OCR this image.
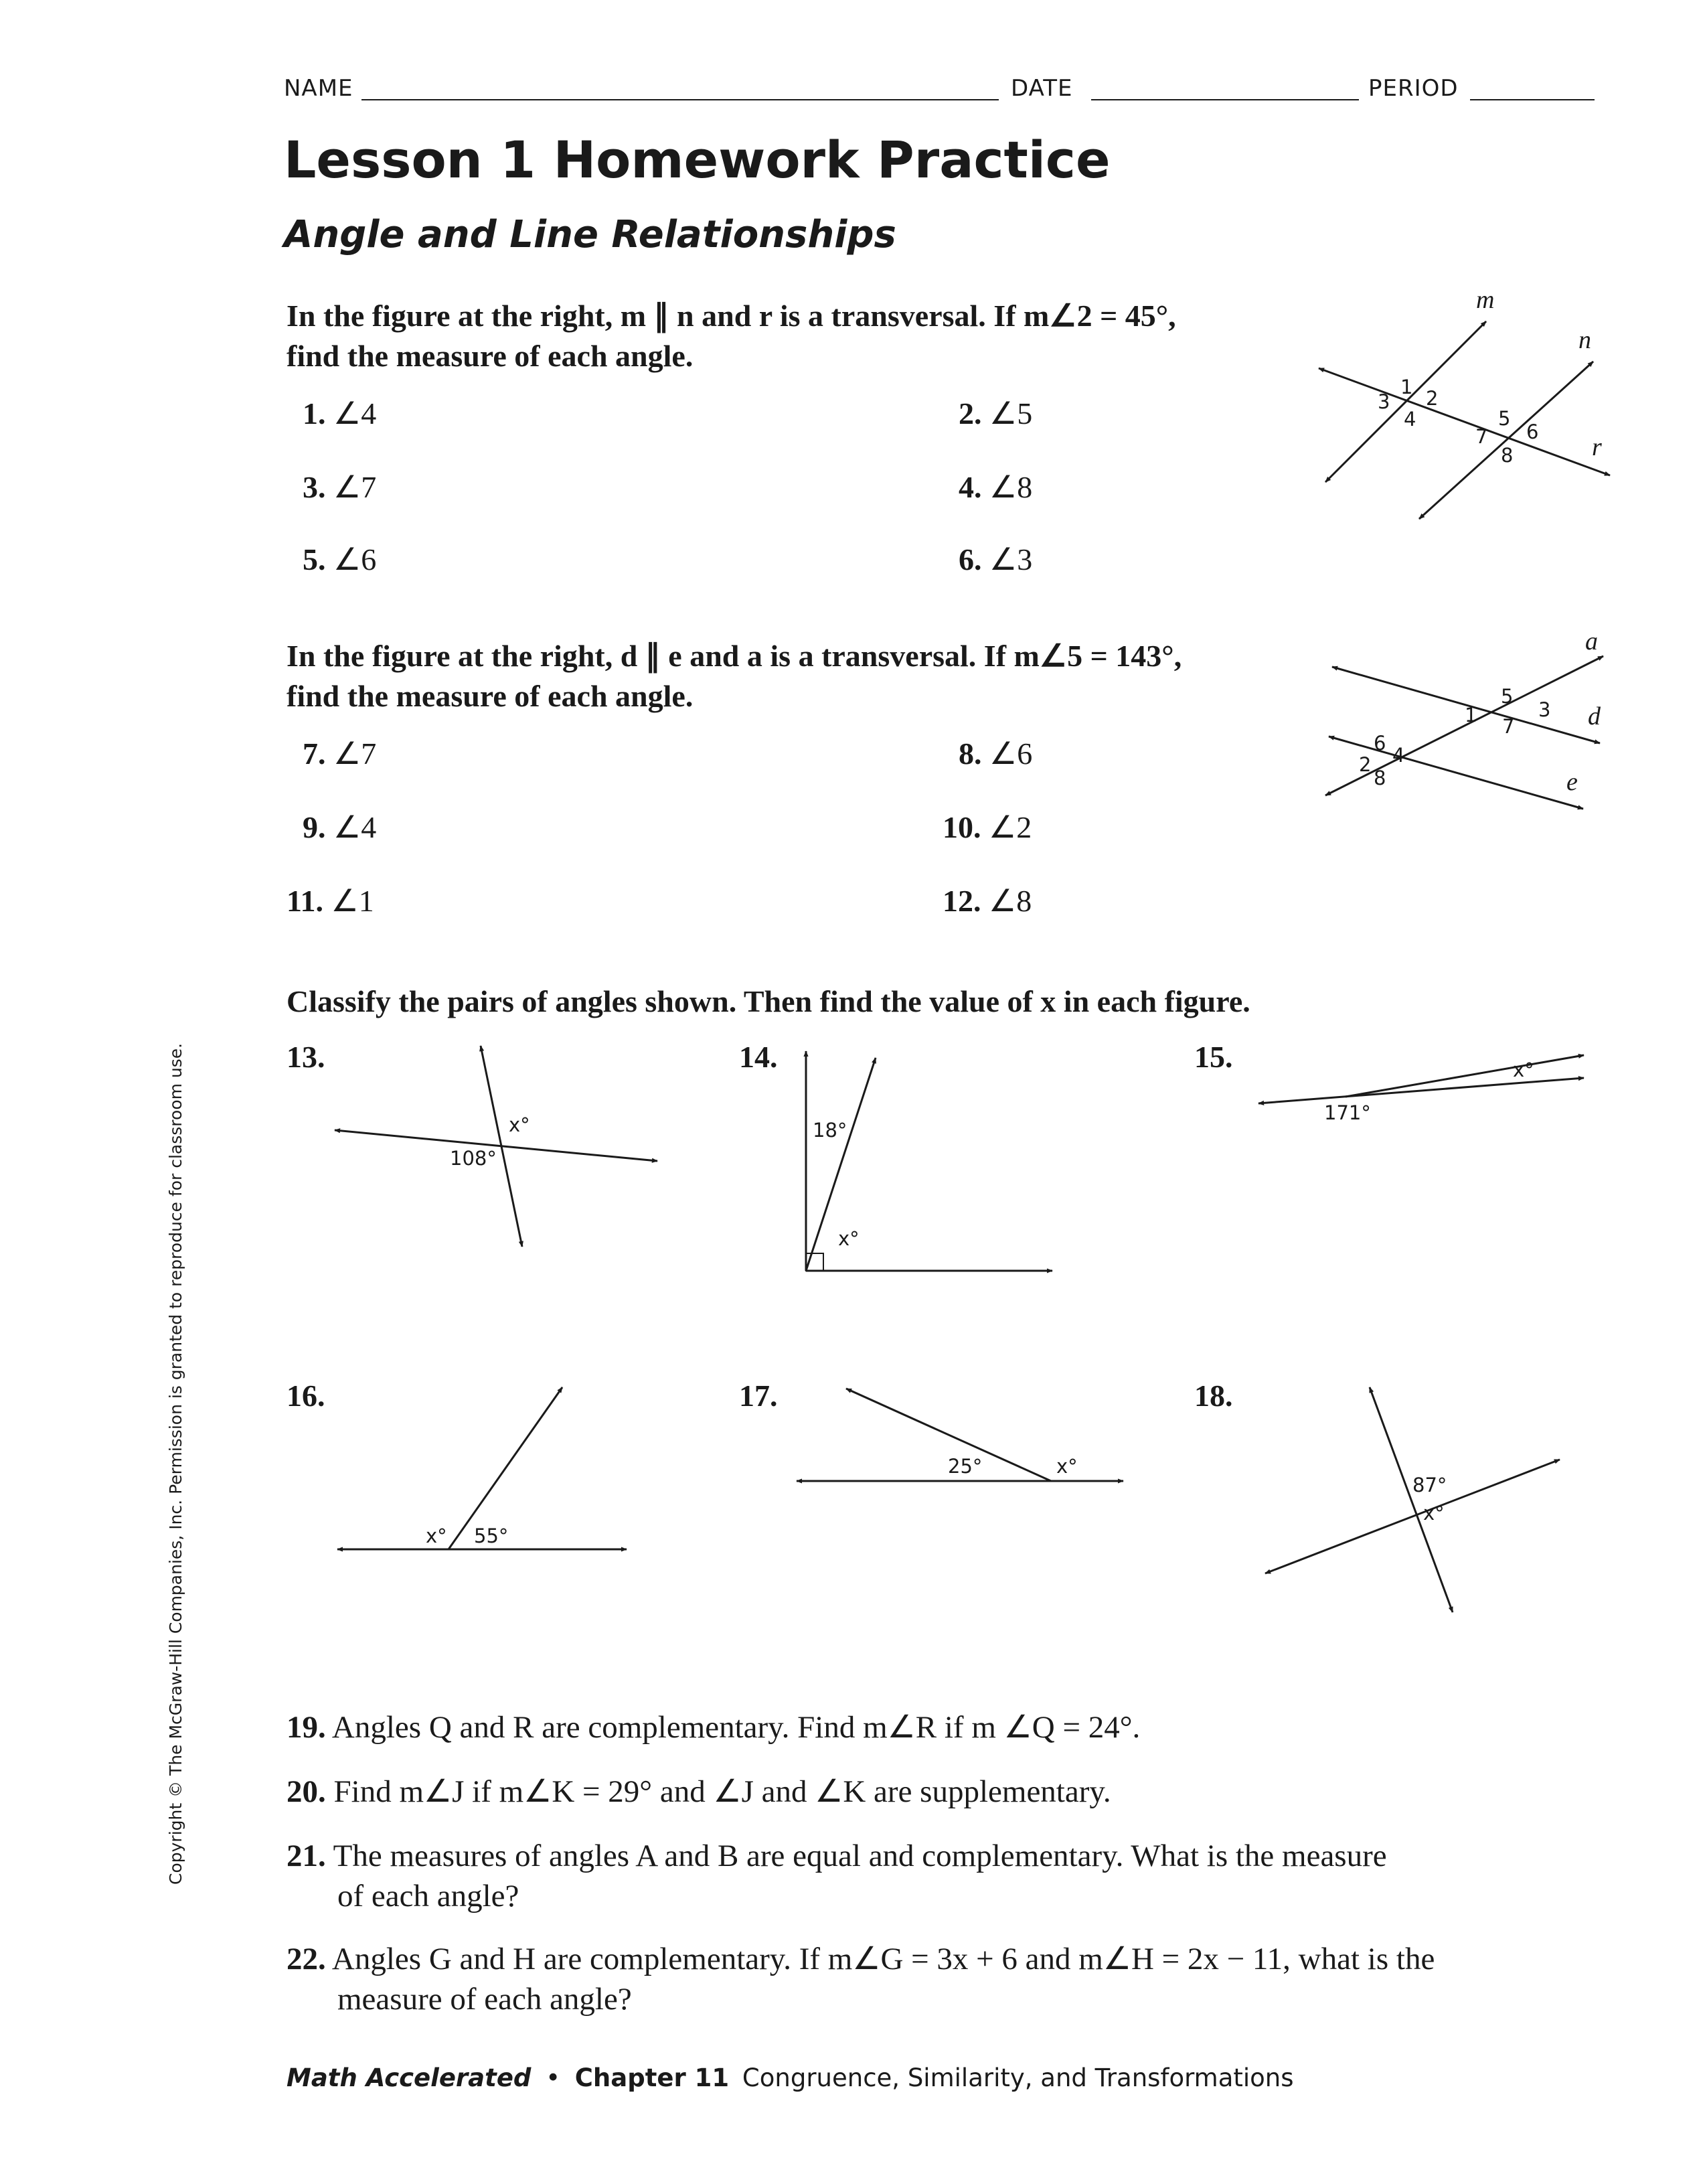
NAME	DATE	PERIOD
Lesson 1 Homework Practice
Angle and Line Relationships
In the figure at the right, m ∥ n and r is a transversal. If m∠2 = 45°,
find the measure of each angle.
1. ∠4	2. ∠5
3. ∠7	4. ∠8
5. ∠6	6. ∠3
m
n
r
1 2
3
4	5
6
7
8
In the figure at the right, d ∥ e and a is a transversal. If m∠5 = 143°,
find the measure of each angle.
7. ∠7	8. ∠6
9. ∠4	10. ∠2
11. ∠1	12. ∠8
a
d
e
1
2
3
4
5
6
7
8
Classify the pairs of angles shown. Then find the value of x in each figure.
13.
x°
108°
14.
18°
x°
15.	x°
171°
16.
x° 55°
17.
25°	x°
18.
87°
x°
19. Angles Q and R are complementary. Find m∠R if m ∠Q = 24°.
20. Find m∠J if m∠K = 29° and ∠J and ∠K are supplementary.
21. The measures of angles A and B are equal and complementary. What is the measure
of each angle?
22. Angles G and H are complementary. If m∠G = 3x + 6 and m∠H = 2x − 11, what is the
measure of each angle?
Math Accelerated • Chapter 11 Congruence, Similarity, and Transformations
Copyright © The McGraw-Hill Companies, Inc. Permission is granted to reproduce for classroom use.
